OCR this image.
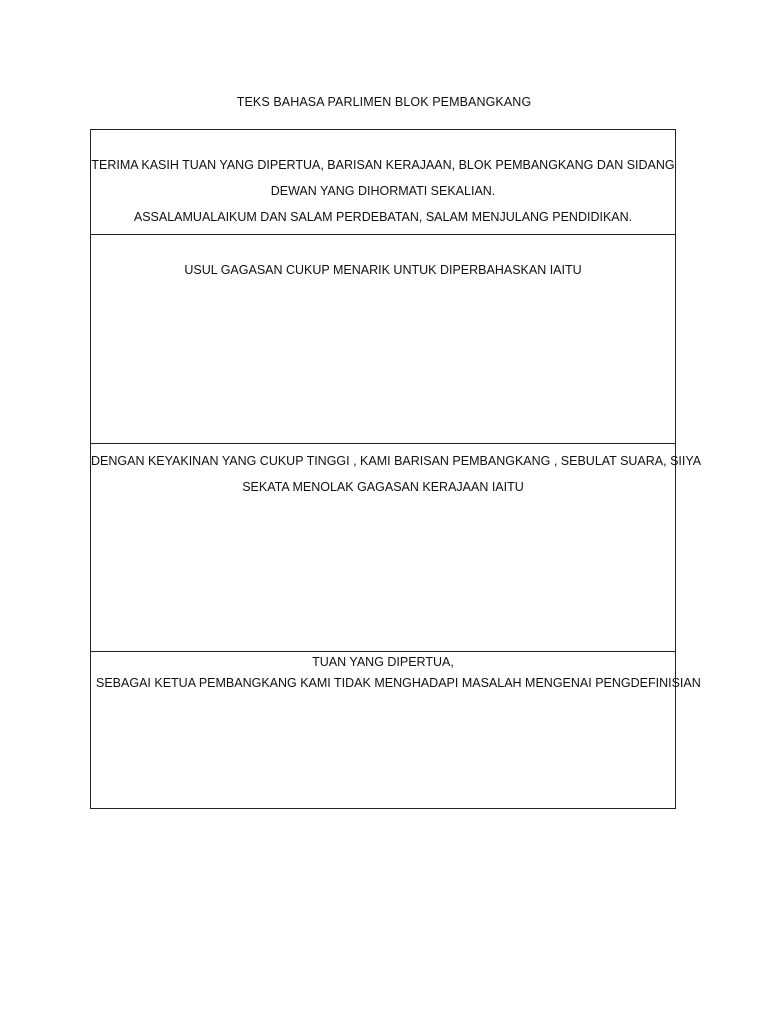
TEKS BAHASA PARLIMEN BLOK PEMBANGKANG

TERIMA KASIH TUAN YANG DIPERTUA, BARISAN KERAJAAN, BLOK PEMBANGKANG DAN SIDANG

DEWAN YANG DIHORMATI SEKALIAN.

ASSALAMUALAIKUM DAN SALAM PERDEBATAN, SALAM MENJULANG PENDIDIKAN.

USUL GAGASAN CUKUP MENARIK UNTUK DIPERBAHASKAN IAITU

DENGAN KEYAKINAN YANG CUKUP TINGGI , KAMI BARISAN PEMBANGKANG , SEBULAT SUARA, SIIYA

SEKATA MENOLAK GAGASAN KERAJAAN IAITU

TUAN YANG DIPERTUA,

SEBAGAI KETUA PEMBANGKANG KAMI TIDAK MENGHADAPI MASALAH MENGENAI PENGDEFINISIAN
